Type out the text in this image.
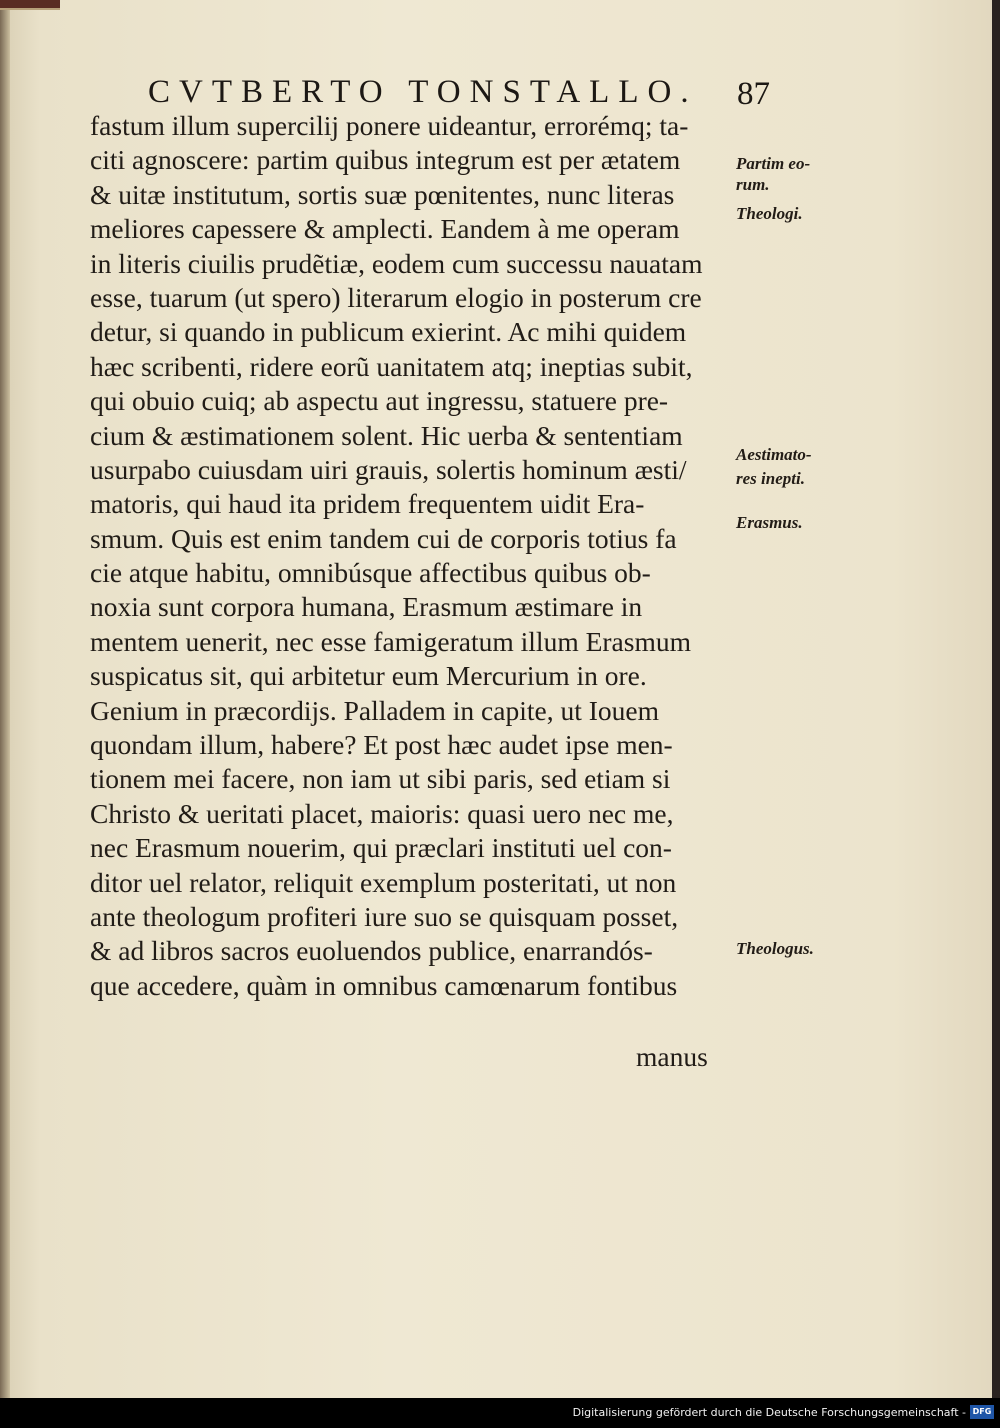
CVTBERTO TONSTALLO. 87
fastum illum supercilij ponere uideantur, errorémq; ta-
citi agnoscere: partim quibus integrum est per ætatem
& uitæ institutum, sortis suæ pœnitentes, nunc literas
meliores capessere & amplecti. Eandem à me operam
in literis ciuilis prudẽtiæ, eodem cum successu nauatam
esse, tuarum (ut spero) literarum elogio in posterum cre
detur, si quando in publicum exierint. Ac mihi quidem
hæc scribenti, ridere eorũ uanitatem atq; ineptias subit,
qui obuio cuiq; ab aspectu aut ingressu, statuere pre-
cium & æstimationem solent. Hic uerba & sententiam
usurpabo cuiusdam uiri grauis, solertis hominum æsti/
matoris, qui haud ita pridem frequentem uidit Era-
smum. Quis est enim tandem cui de corporis totius fa
cie atque habitu, omnibúsque affectibus quibus ob-
noxia sunt corpora humana, Erasmum æstimare in
mentem uenerit, nec esse famigeratum illum Erasmum
suspicatus sit, qui arbitetur eum Mercurium in ore.
Genium in præcordijs. Palladem in capite, ut Iouem
quondam illum, habere? Et post hæc audet ipse men-
tionem mei facere, non iam ut sibi paris, sed etiam si
Christo & ueritati placet, maioris: quasi uero nec me,
nec Erasmum nouerim, qui præclari instituti uel con-
ditor uel relator, reliquit exemplum posteritati, ut non
ante theologum profiteri iure suo se quisquam posset,
& ad libros sacros euoluendos publice, enarrandós-
que accedere, quàm in omnibus camœnarum fontibus
manus
Partim eo-
rum.
Theologi.
Aestimato-
res inepti.
Erasmus.
Theologus.
Digitalisierung gefördert durch die Deutsche Forschungsgemeinschaft - DFG
